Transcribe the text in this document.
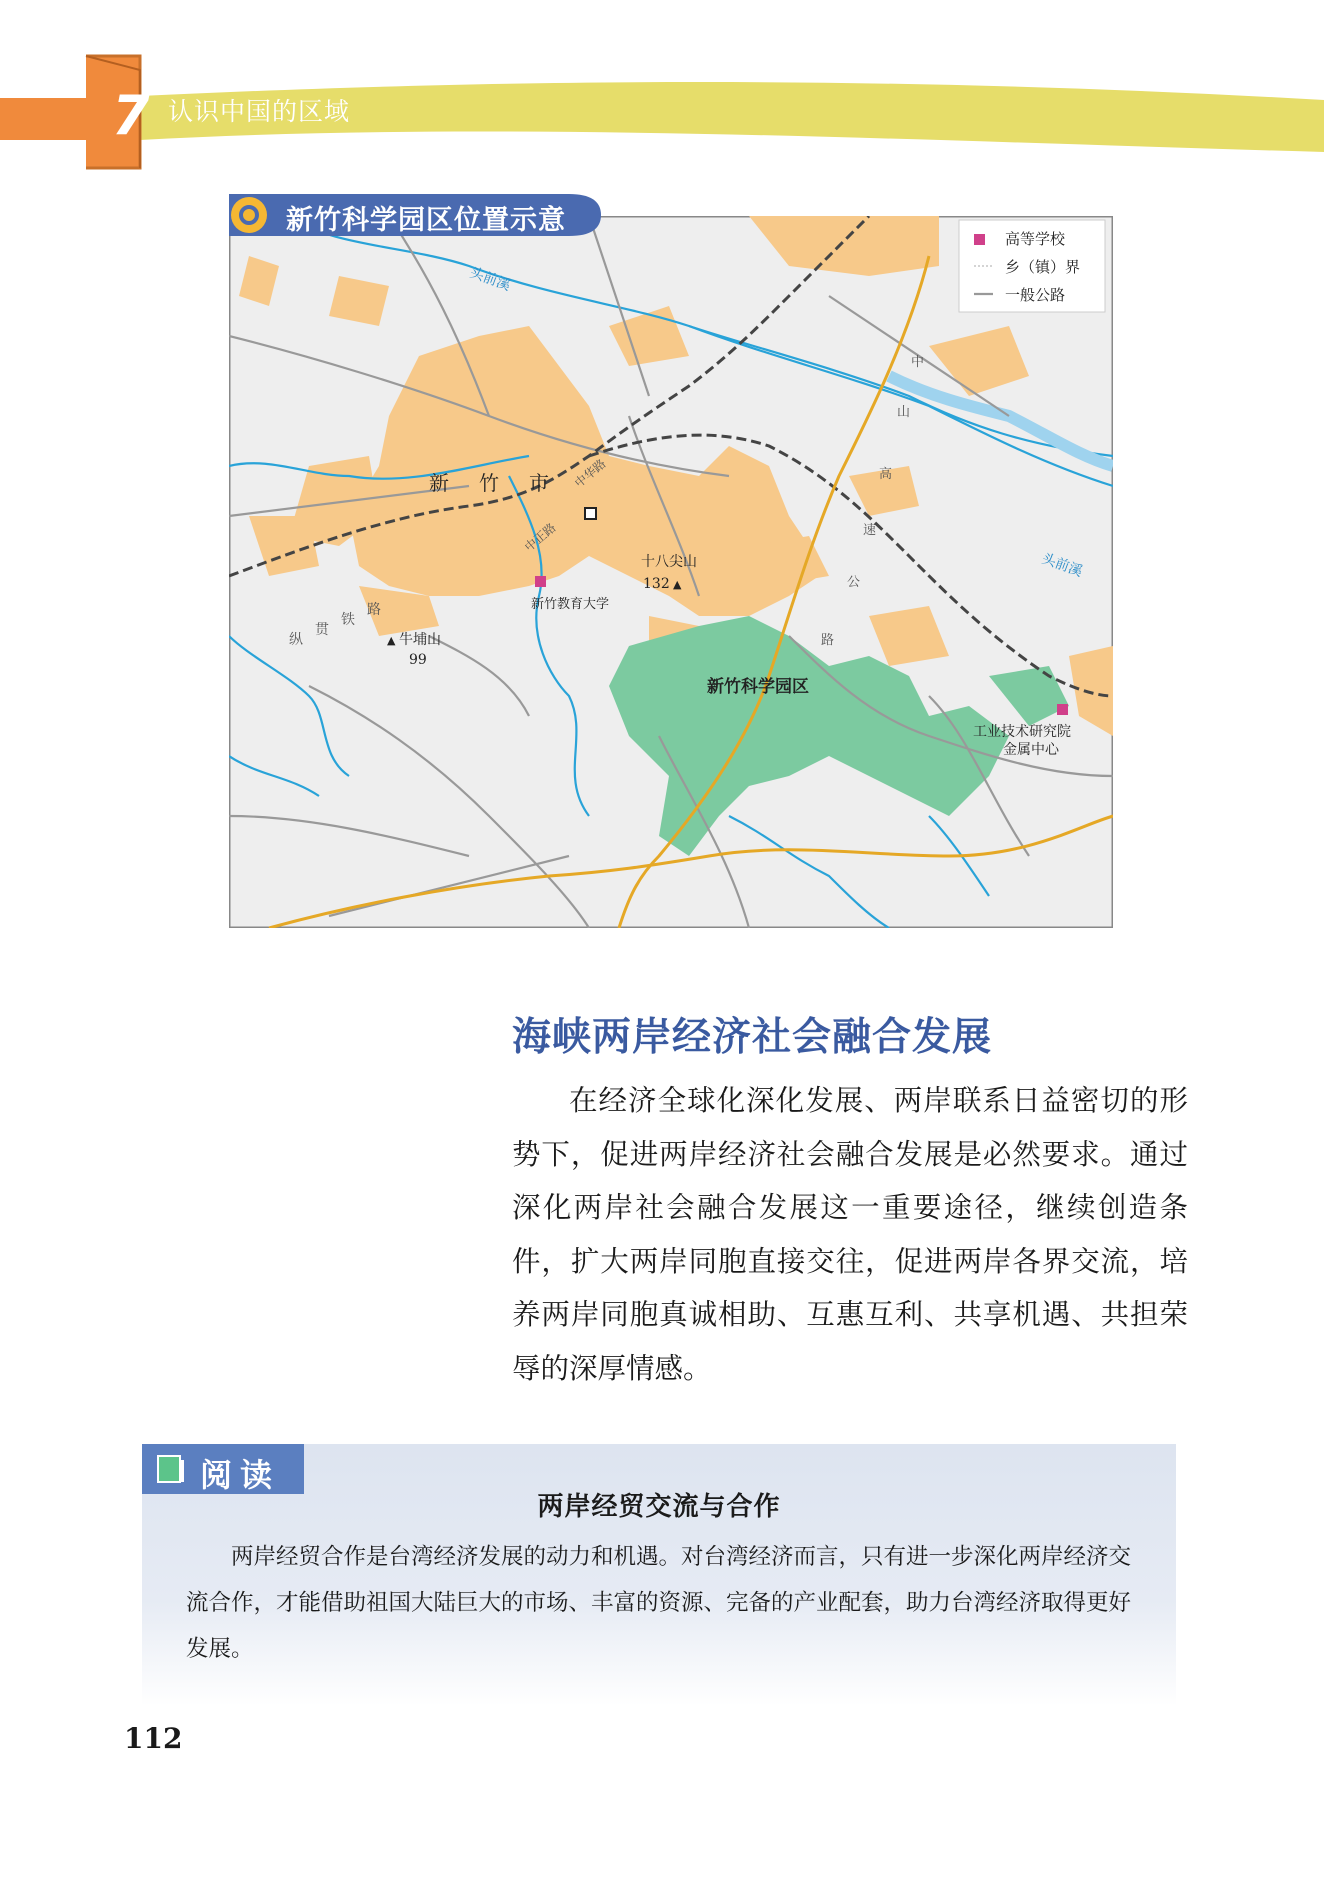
7 认识中国的区域
高等学校
乡（镇）界
一般公路
新 竹 市
头前溪
头前溪
十八尖山
132 ▲
▲ 牛埔山
99
新竹教育大学
新竹科学园区
工业技术研究院
金属中心
纵
贯
铁
路
中
山
高
速
公
路
中华路
中正路
新竹科学园区位置示意
海峡两岸经济社会融合发展

在经济全球化深化发展、两岸联系日益密切的形势下，促进两岸经济社会融合发展是必然要求。通过深化两岸社会融合发展这一重要途径，继续创造条件，扩大两岸同胞直接交往，促进两岸各界交流，培养两岸同胞真诚相助、互惠互利、共享机遇、共担荣辱的深厚情感。

阅读
两岸经贸交流与合作

两岸经贸合作是台湾经济发展的动力和机遇。对台湾经济而言，只有进一步深化两岸经济交流合作，才能借助祖国大陆巨大的市场、丰富的资源、完备的产业配套，助力台湾经济取得更好发展。

112
